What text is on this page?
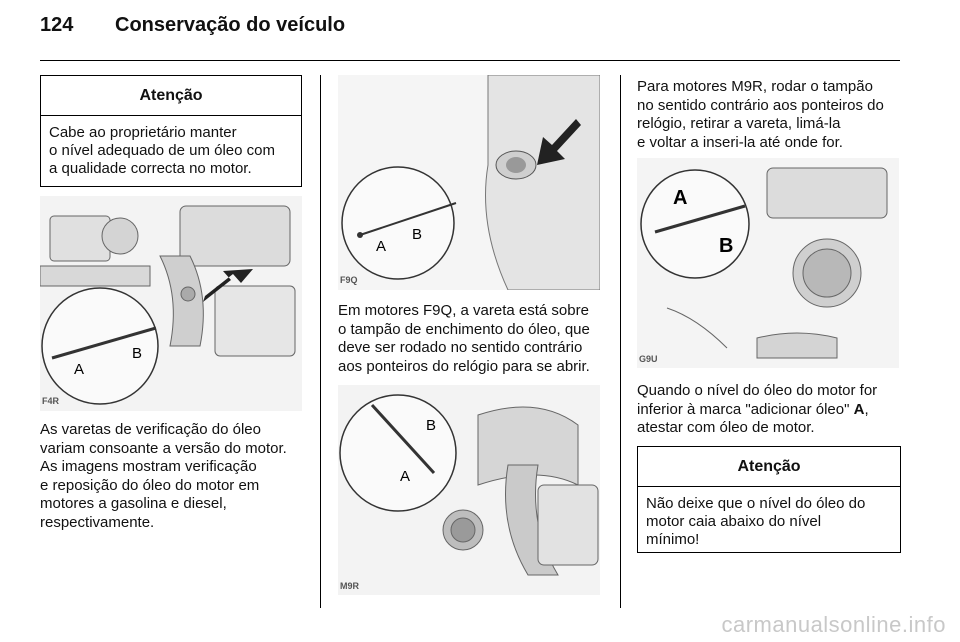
124 Conservação do veículo
Atenção
Cabe ao proprietário manter
o nível adequado de um óleo com
a qualidade correcta no motor.
A
B
F4R
As varetas de verificação do óleo
variam consoante a versão do motor.
As imagens mostram verificação
e reposição do óleo do motor em
motores a gasolina e diesel,
respectivamente.
A
B
F9Q
Em motores F9Q, a vareta está sobre
o tampão de enchimento do óleo, que
deve ser rodado no sentido contrário
aos ponteiros do relógio para se abrir.
B
A
M9R
Para motores M9R, rodar o tampão
no sentido contrário aos ponteiros do
relógio, retirar a vareta, limá-la
e voltar a inseri-la até onde for.
A
B
G9U
Quando o nível do óleo do motor for
inferior à marca "adicionar óleo" A,
atestar com óleo de motor.
Atenção
Não deixe que o nível do óleo do
motor caia abaixo do nível
mínimo!
carmanualsonline.info
